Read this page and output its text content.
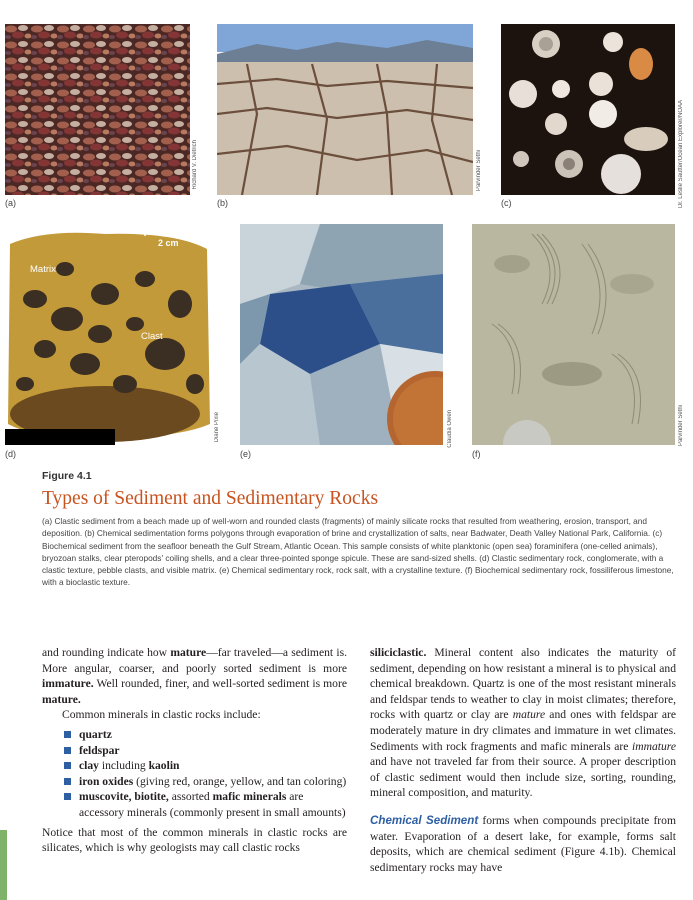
Richard V. Dietrich
(a)
Parvinder Sethi
(b)	Dr. Leslie Sautter/Ocean Explorer/NOAA
(c)
2 cm
Matrix
Clast
Diane Pixie
(d)
Claudia Owen
(e)
Parvinder Sethi
(f)
Figure 4.1
Types of Sediment and Sedimentary Rocks

(a) Clastic sediment from a beach made up of well-worn and rounded clasts (fragments) of mainly silicate rocks that resulted from weathering, erosion, transport, and deposition. (b) Chemical sedimentation forms polygons through evaporation of brine and crystallization of salts, near Badwater, Death Valley National Park, California. (c) Biochemical sediment from the seafloor beneath the Gulf Stream, Atlantic Ocean. This sample consists of white planktonic (open sea) foraminifera (one-celled animals), bryozoan stalks, clear pteropods' coiling shells, and a clear three-pointed sponge spicule. These are sand-sized shells. (d) Clastic sedimentary rock, conglomerate, with a clastic texture, pebble clasts, and visible matrix. (e) Chemical sedimentary rock, rock salt, with a crystalline texture. (f) Biochemical sedimentary rock, fossiliferous limestone, with a bioclastic texture.

and rounding indicate how mature—far traveled—a sediment is. More angular, coarser, and poorly sorted sediment is more immature. Well rounded, finer, and well-sorted sediment is more mature.

Common minerals in clastic rocks include:

quartz
feldspar
clay including kaolin
iron oxides (giving red, orange, yellow, and tan coloring)
muscovite, biotite, assorted mafic minerals are accessory minerals (commonly present in small amounts)

Notice that most of the common minerals in clastic rocks are silicates, which is why geologists may call clastic rocks

siliciclastic. Mineral content also indicates the maturity of sediment, depending on how resistant a mineral is to physical and chemical breakdown. Quartz is one of the most resistant minerals and feldspar tends to weather to clay in moist climates; therefore, rocks with quartz or clay are mature and ones with feldspar are moderately mature in dry climates and immature in wet climates. Sediments with rock fragments and mafic minerals are immature and have not traveled far from their source. A proper description of clastic sediment would then include size, sorting, rounding, mineral composition, and maturity.

Chemical Sediment forms when compounds precipitate from water. Evaporation of a desert lake, for example, forms salt deposits, which are chemical sediment (Figure 4.1b). Chemical sedimentary rocks may have
